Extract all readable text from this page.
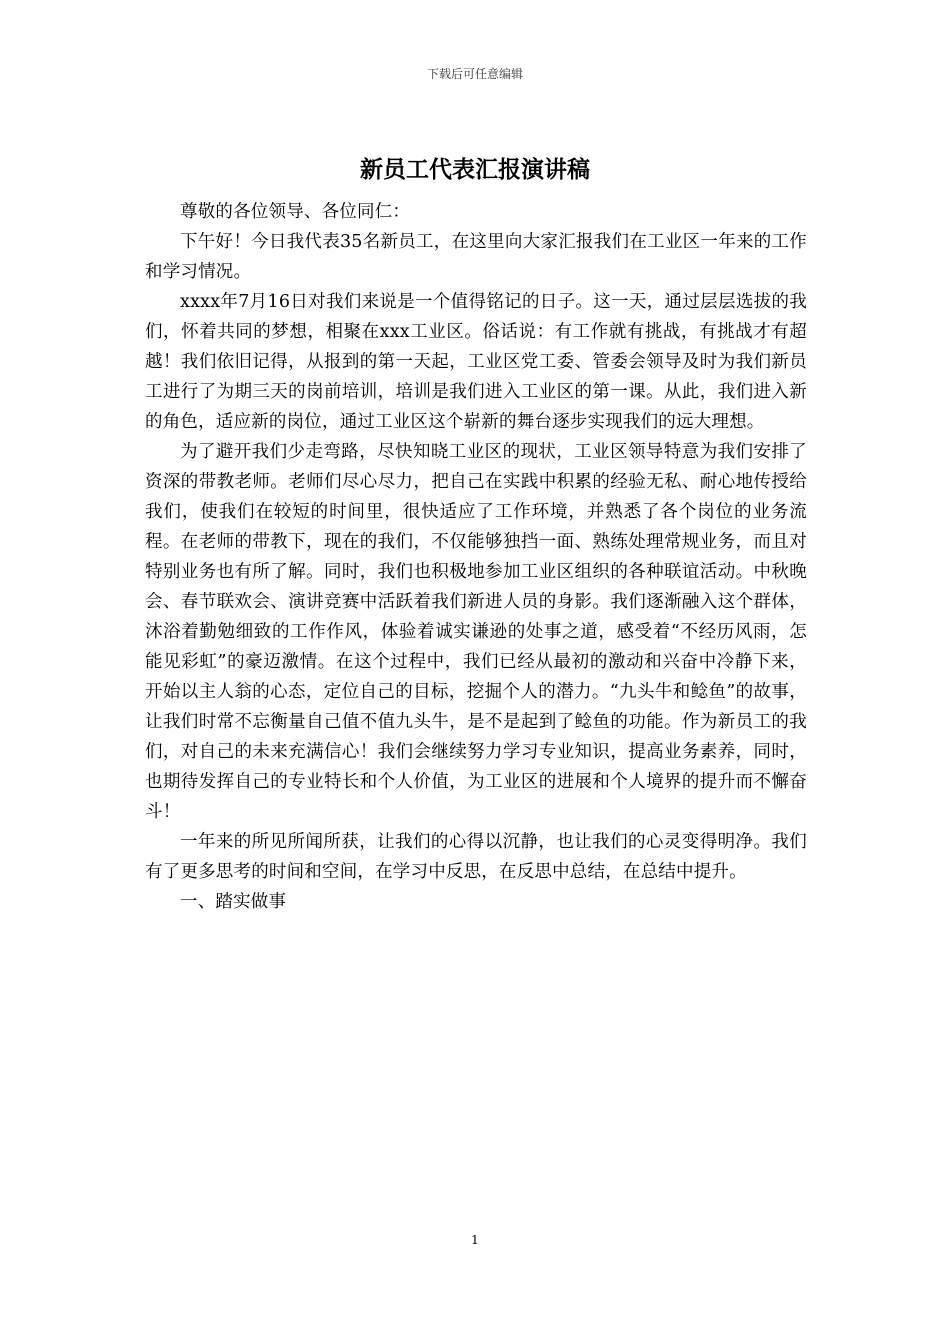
下载后可任意编辑
新员工代表汇报演讲稿

尊敬的各位领导、各位同仁：

下午好！今日我代表35名新员工，在这里向大家汇报我们在工业区一年来的工作和学习情况。

xxxx年7月16日对我们来说是一个值得铭记的日子。这一天，通过层层选拔的我们，怀着共同的梦想，相聚在xxx工业区。俗话说：有工作就有挑战，有挑战才有超越！我们依旧记得，从报到的第一天起，工业区党工委、管委会领导及时为我们新员工进行了为期三天的岗前培训，培训是我们进入工业区的第一课。从此，我们进入新的角色，适应新的岗位，通过工业区这个崭新的舞台逐步实现我们的远大理想。

为了避开我们少走弯路，尽快知晓工业区的现状，工业区领导特意为我们安排了资深的带教老师。老师们尽心尽力，把自己在实践中积累的经验无私、耐心地传授给我们，使我们在较短的时间里，很快适应了工作环境，并熟悉了各个岗位的业务流程。在老师的带教下，现在的我们，不仅能够独挡一面、熟练处理常规业务，而且对特别业务也有所了解。同时，我们也积极地参加工业区组织的各种联谊活动。中秋晚会、春节联欢会、演讲竞赛中活跃着我们新进人员的身影。我们逐渐融入这个群体，沐浴着勤勉细致的工作作风，体验着诚实谦逊的处事之道，感受着“不经历风雨，怎能见彩虹”的豪迈激情。在这个过程中，我们已经从最初的激动和兴奋中冷静下来，开始以主人翁的心态，定位自己的目标，挖掘个人的潜力。“九头牛和鲶鱼”的故事，让我们时常不忘衡量自己值不值九头牛，是不是起到了鲶鱼的功能。作为新员工的我们，对自己的未来充满信心！我们会继续努力学习专业知识，提高业务素养，同时，也期待发挥自己的专业特长和个人价值，为工业区的进展和个人境界的提升而不懈奋斗！

一年来的所见所闻所获，让我们的心得以沉静，也让我们的心灵变得明净。我们有了更多思考的时间和空间，在学习中反思，在反思中总结，在总结中提升。

一、踏实做事

1
